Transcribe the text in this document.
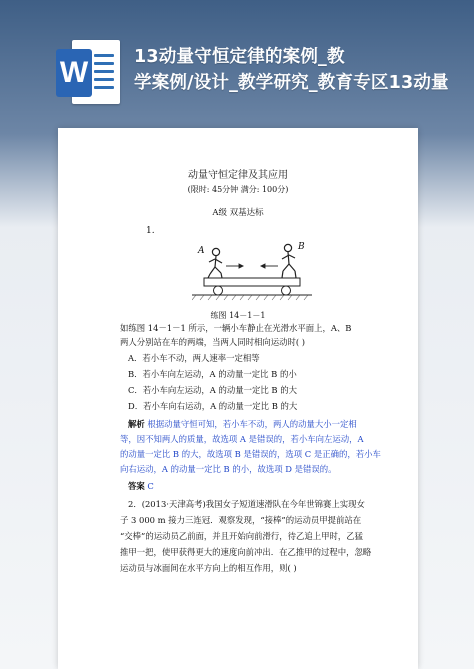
W	13动量守恒定律的案例_教
学案例/设计_教学研究_教育专区13动量
动量守恒定律及其应用
(限时: 45分钟 满分: 100分)
A级 双基达标
1.
A	B
练图 14－1－1
如练图 14－1－1 所示，一辆小车静止在光滑水平面上，A、B
两人分别站在车的两端，当两人同时相向运动时( )
A．若小车不动，两人速率一定相等
B．若小车向左运动，A 的动量一定比 B 的小
C．若小车向左运动，A 的动量一定比 B 的大
D．若小车向右运动，A 的动量一定比 B 的大
解析 根据动量守恒可知，若小车不动，两人的动量大小一定相
等，因不知两人的质量，故选项 A 是错误的，若小车向左运动，A
的动量一定比 B 的大，故选项 B 是错误的，选项 C 是正确的，若小车
向右运动，A 的动量一定比 B 的小，故选项 D 是错误的。
答案 C
2．(2013·天津高考)我国女子短道速滑队在今年世锦赛上实现女
子 3 000 m 接力三连冠．观察发现，“接棒”的运动员甲提前站在
“交棒”的运动员乙前面，并且开始向前滑行，待乙追上甲时，乙猛
推甲一把，使甲获得更大的速度向前冲出．在乙推甲的过程中，忽略
运动员与冰面间在水平方向上的相互作用，则( )
